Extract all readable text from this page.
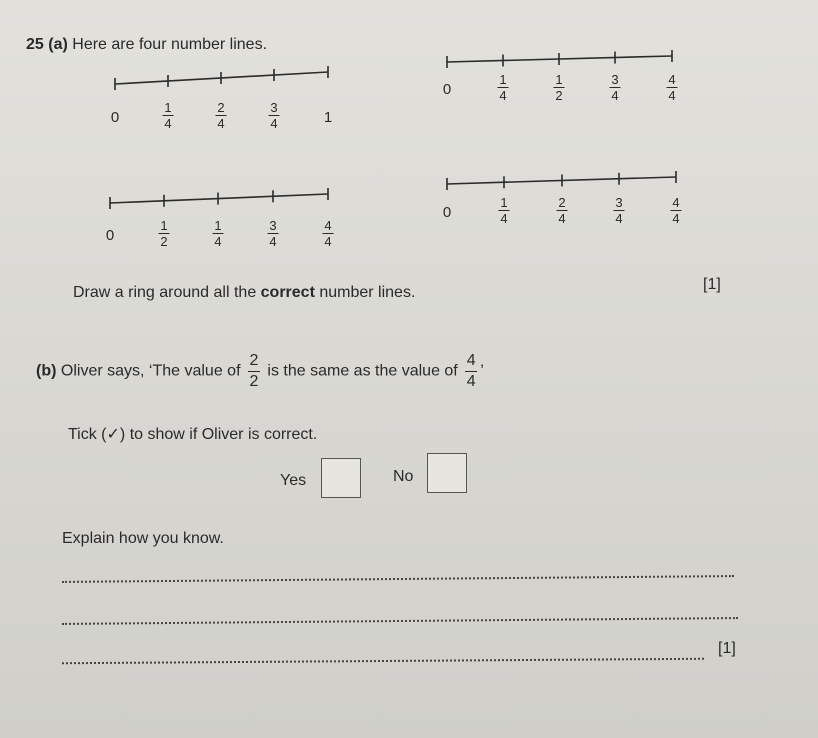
25 (a) Here are four number lines.
0	$\frac{1}{4}$	$\frac{2}{4}$	$\frac{3}{4}$	1
0	$\frac{1}{4}$	$\frac{1}{2}$	$\frac{3}{4}$	$\frac{4}{4}$
0	$\frac{1}{2}$	$\frac{1}{4}$	$\frac{3}{4}$	$\frac{4}{4}$
0	$\frac{1}{4}$	$\frac{2}{4}$	$\frac{3}{4}$	$\frac{4}{4}$
Draw a ring around all the correct number lines.	[1]
(b) Oliver says, ‘The value of $\frac{2}{2}$ is the same as the value of $\frac{4}{4}$ ’
Tick (✓) to show if Oliver is correct.
Yes	No
Explain how you know.
[1]
